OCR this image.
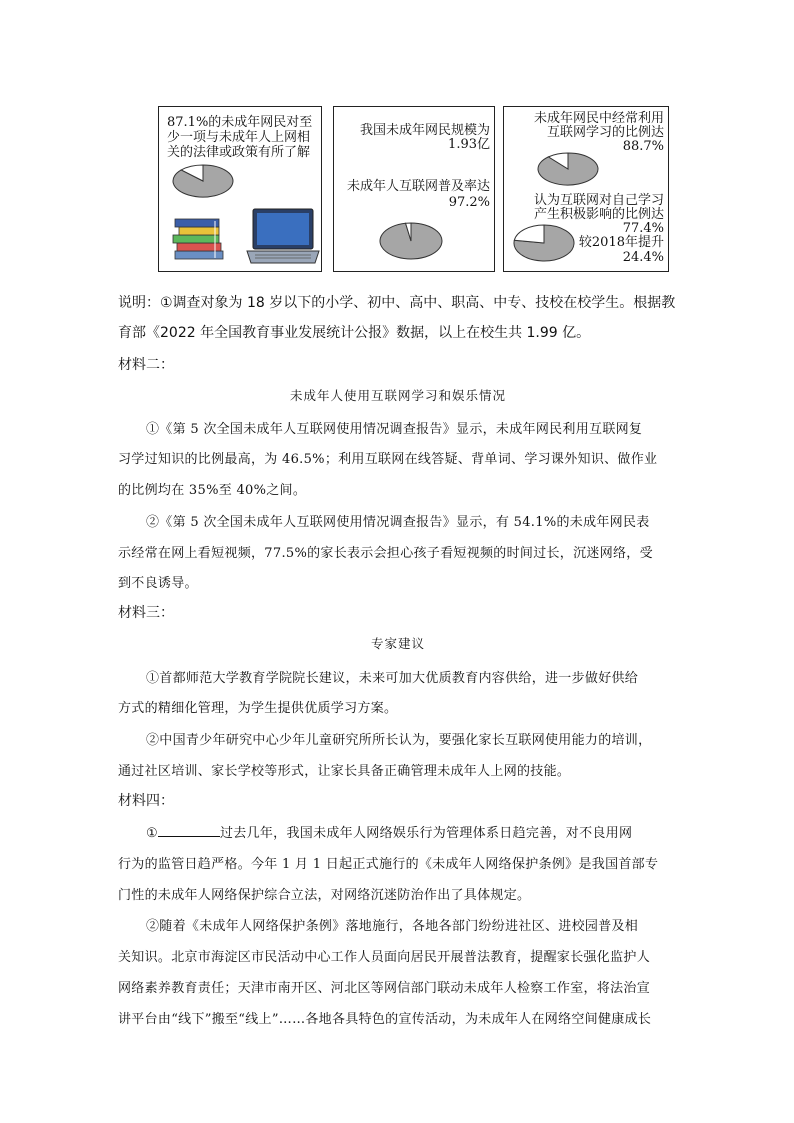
87.1%的未成年网民对至
少一项与未成年人上网相
关的法律或政策有所了解
我国未成年网民规模为
1.93亿
未成年人互联网普及率达
97.2%
未成年网民中经常利用
互联网学习的比例达
88.7%
认为互联网对自己学习
产生积极影响的比例达
77.4%
较2018年提升
24.4%
说明：①调查对象为 18 岁以下的小学、初中、高中、职高、中专、技校在校学生。根据教
育部《2022 年全国教育事业发展统计公报》数据，以上在校生共 1.99 亿。
材料二：
未成年人使用互联网学习和娱乐情况
①《第 5 次全国未成年人互联网使用情况调查报告》显示，未成年网民利用互联网复
习学过知识的比例最高，为 46.5%；利用互联网在线答疑、背单词、学习课外知识、做作业
的比例均在 35%至 40%之间。
②《第 5 次全国未成年人互联网使用情况调查报告》显示，有 54.1%的未成年网民表
示经常在网上看短视频，77.5%的家长表示会担心孩子看短视频的时间过长，沉迷网络，受
到不良诱导。
材料三：
专家建议
①首都师范大学教育学院院长建议，未来可加大优质教育内容供给，进一步做好供给
方式的精细化管理，为学生提供优质学习方案。
②中国青少年研究中心少年儿童研究所所长认为，要强化家长互联网使用能力的培训，
通过社区培训、家长学校等形式，让家长具备正确管理未成年人上网的技能。
材料四：
①	过去几年，我国未成年人网络娱乐行为管理体系日趋完善，对不良用网
行为的监管日趋严格。今年 1 月 1 日起正式施行的《未成年人网络保护条例》是我国首部专
门性的未成年人网络保护综合立法，对网络沉迷防治作出了具体规定。
②随着《未成年人网络保护条例》落地施行，各地各部门纷纷进社区、进校园普及相
关知识。北京市海淀区市民活动中心工作人员面向居民开展普法教育，提醒家长强化监护人
网络素养教育责任；天津市南开区、河北区等网信部门联动未成年人检察工作室，将法治宣
讲平台由“线下”搬至“线上”……各地各具特色的宣传活动，为未成年人在网络空间健康成长
